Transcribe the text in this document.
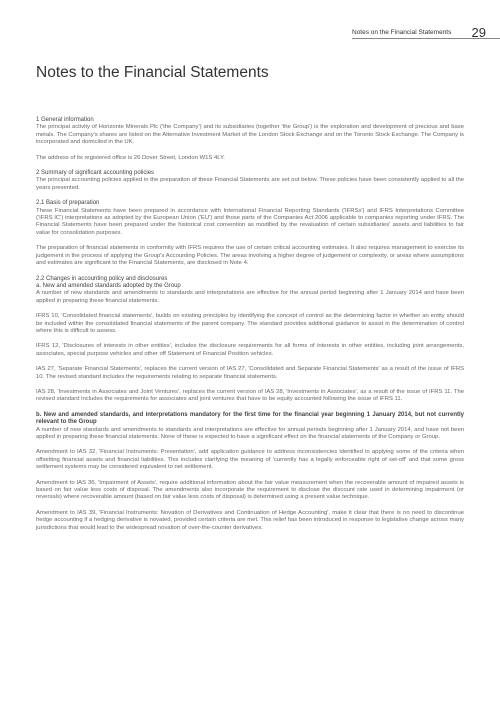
Notes on the Financial Statements 29
Notes to the Financial Statements
1 General information

The principal activity of Horizonte Minerals Plc ('the Company') and its subsidiaries (together 'the Group') is the exploration and development of precious and base metals. The Company's shares are listed on the Alternative Investment Market of the London Stock Exchange and on the Toronto Stock Exchange. The Company is incorporated and domiciled in the UK.

The address of its registered office is 26 Dover Street, London W1S 4LY.

2 Summary of significant accounting policies

The principal accounting policies applied in the preparation of these Financial Statements are set out below. These policies have been consistently applied to all the years presented.

2.1 Basis of preparation

These Financial Statements have been prepared in accordance with International Financial Reporting Standards ('IFRSs') and IFRS Interpretations Committee ('IFRS IC') interpretations as adopted by the European Union ('EU') and those parts of the Companies Act 2006 applicable to companies reporting under IFRS. The Financial Statements have been prepared under the historical cost convention as modified by the revaluation of certain subsidiaries' assets and liabilities to fair value for consolidation purposes.

The preparation of financial statements in conformity with IFRS requires the use of certain critical accounting estimates. It also requires management to exercise its judgement in the process of applying the Group's Accounting Policies. The areas involving a higher degree of judgement or complexity, or areas where assumptions and estimates are significant to the Financial Statements, are disclosed in Note 4.

2.2 Changes in accounting policy and disclosures
a. New and amended standards adopted by the Group

A number of new standards and amendments to standards and interpretations are effective for the annual period beginning after 1 January 2014 and have been applied in preparing these financial statements.

IFRS 10, 'Consolidated financial statements', builds on existing principles by identifying the concept of control as the determining factor in whether an entity should be included within the consolidated financial statements of the parent company. The standard provides additional guidance to assist in the determination of control where this is difficult to assess.

IFRS 12, 'Disclosures of interests in other entities', includes the disclosure requirements for all forms of interests in other entities, including joint arrangements, associates, special purpose vehicles and other off Statement of Financial Position vehicles.

IAS 27, 'Separate Financial Statements', replaces the current version of IAS 27, 'Consolidated and Separate Financial Statements' as a result of the issue of IFRS 10. The revised standard includes the requirements relating to separate financial statements.

IAS 28, 'Investments in Associates and Joint Ventures', replaces the current version of IAS 28, 'Investments in Associates', as a result of the issue of IFRS 11. The revised standard includes the requirements for associates and joint ventures that have to be equity accounted following the issue of IFRS 11.

b. New and amended standards, and interpretations mandatory for the first time for the financial year beginning 1 January 2014, but not currently relevant to the Group

A number of new standards and amendments to standards and interpretations are effective for annual periods beginning after 1 January 2014, and have not been applied in preparing these financial statements. None of these is expected to have a significant effect on the financial statements of the Company or Group.

Amendment to IAS 32, 'Financial Instruments: Presentation', add application guidance to address inconsistencies identified in applying some of the criteria when offsetting financial assets and financial liabilities. This includes clarifying the meaning of 'currently has a legally enforceable right of set-off' and that some gross settlement systems may be considered equivalent to net settlement.

Amendment to IAS 36, 'Impairment of Assets', require additional information about the fair value measurement when the recoverable amount of impaired assets is based on fair value less costs of disposal. The amendments also incorporate the requirement to disclose the discount rate used in determining impairment (or reversals) where recoverable amount (based on fair value less costs of disposal) is determined using a present value technique.

Amendment to IAS 39, 'Financial Instruments: Novation of Derivatives and Continuation of Hedge Accounting', make it clear that there is no need to discontinue hedge accounting if a hedging derivative is novated, provided certain criteria are met. This relief has been introduced in response to legislative change across many jurisdictions that would lead to the widespread novation of over-the-counter derivatives.
